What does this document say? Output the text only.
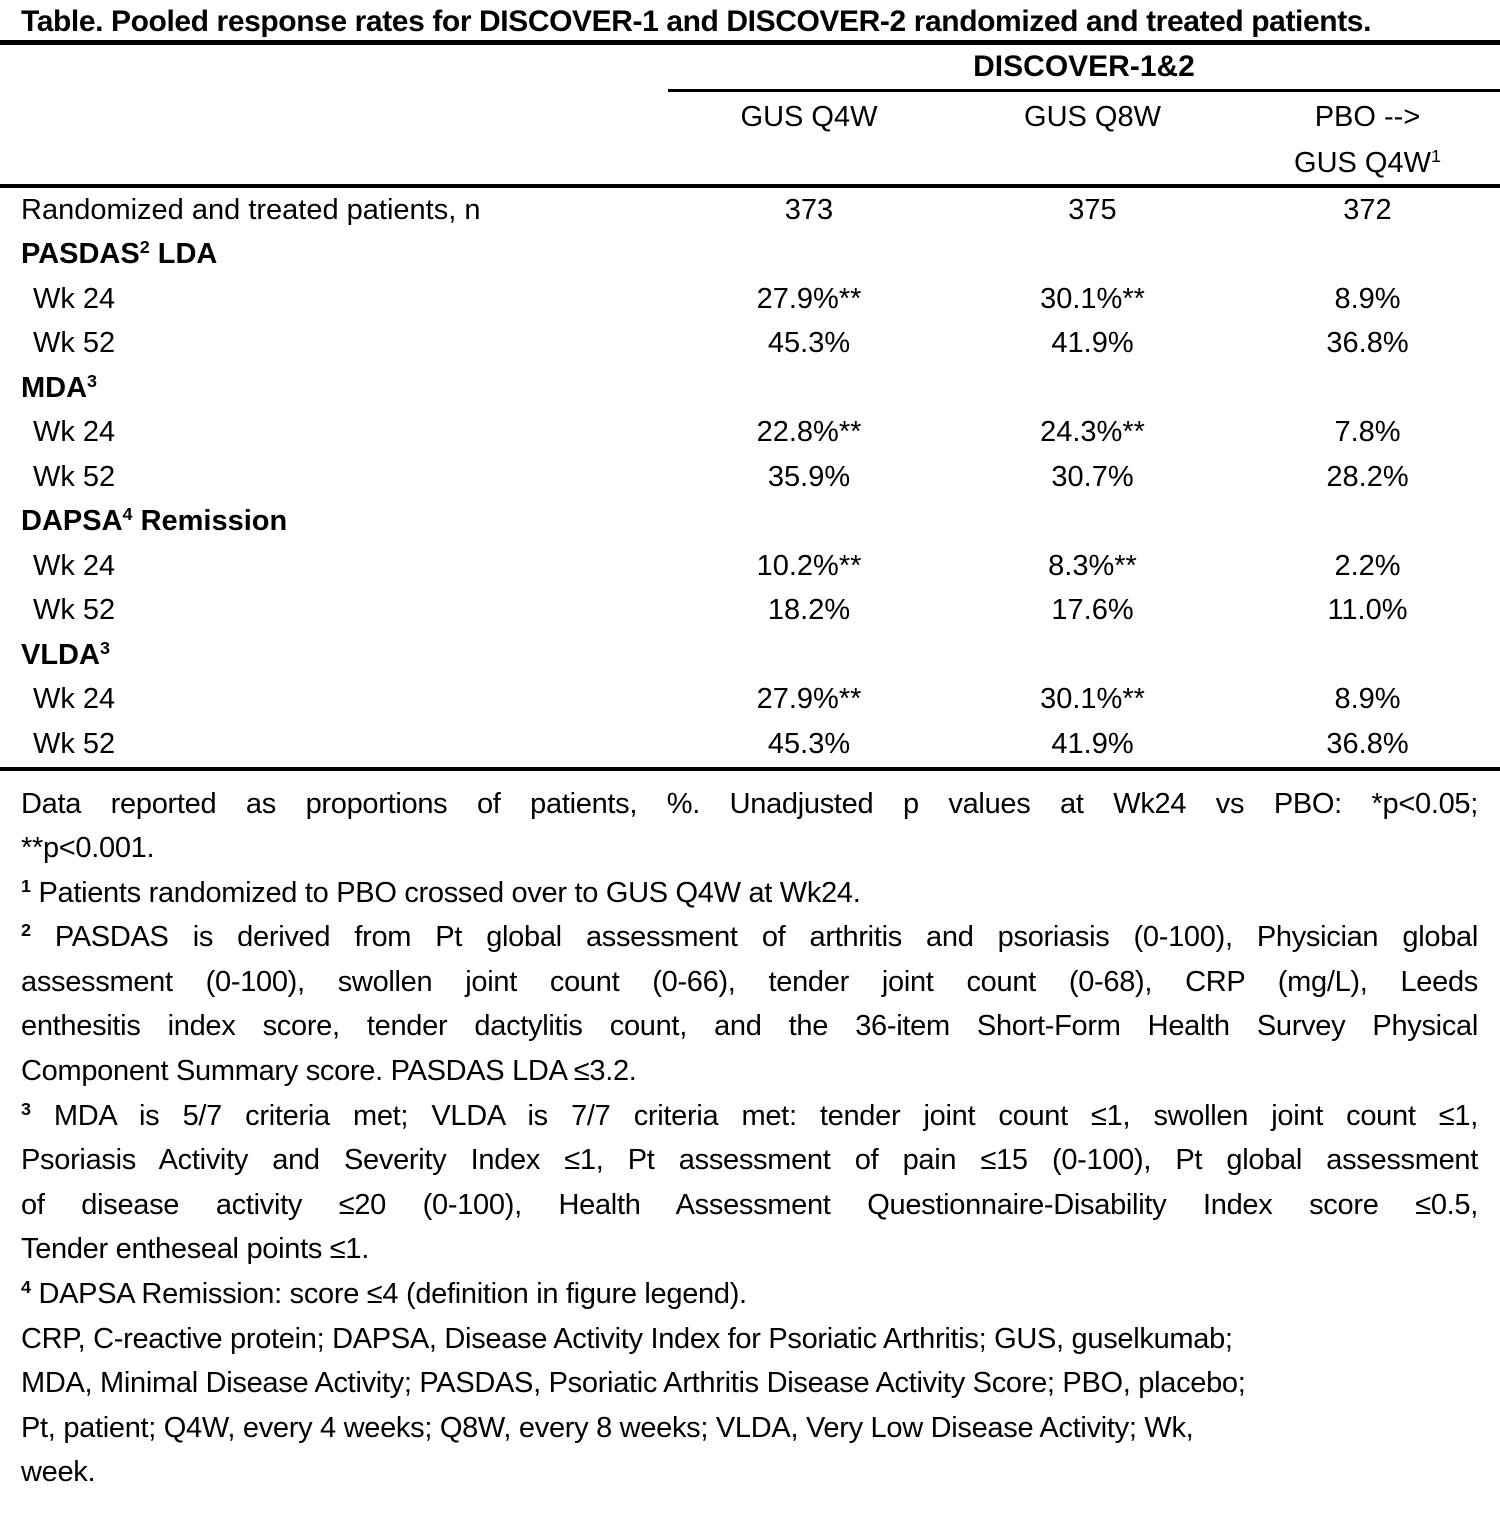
Table. Pooled response rates for DISCOVER-1 and DISCOVER-2 randomized and treated patients.
	DISCOVER-1&2		

	GUS Q4W	GUS Q8W	PBO -->
GUS $Q4W^1$

Randomized and treated patients, n	373	375	372
PASDAS$^2$ LDA			
Wk 24	27.9%**	30.1%**	8.9%
Wk 52	45.3%	41.9%	36.8%
MDA$^3$			
Wk 24	22.8%**	24.3%**	7.8%
Wk 52	35.9%	30.7%	28.2%
DAPSA$^4$ Remission			
Wk 24	10.2%**	8.3%**	2.2%
Wk 52	18.2%	17.6%	11.0%
VLDA$^3$			
Wk 24	27.9%**	30.1%**	8.9%
Wk 52	45.3%	41.9%	36.8%
Data reported as proportions of patients, %. Unadjusted p values at Wk24 vs PBO: *p<0.05;
**p<0.001.
$^1$ Patients randomized to PBO crossed over to GUS Q4W at Wk24.
$^2$ PASDAS is derived from Pt global assessment of arthritis and psoriasis (0-100), Physician global
assessment (0-100), swollen joint count (0-66), tender joint count (0-68), CRP (mg/L), Leeds
enthesitis index score, tender dactylitis count, and the 36-item Short-Form Health Survey Physical
Component Summary score. PASDAS LDA ≤3.2.
$^3$ MDA is 5/7 criteria met; VLDA is 7/7 criteria met: tender joint count ≤1, swollen joint count ≤1,
Psoriasis Activity and Severity Index ≤1, Pt assessment of pain ≤15 (0-100), Pt global assessment
of disease activity ≤20 (0-100), Health Assessment Questionnaire-Disability Index score ≤0.5,
Tender entheseal points ≤1.
$^4$ DAPSA Remission: score ≤4 (definition in figure legend).
CRP, C-reactive protein; DAPSA, Disease Activity Index for Psoriatic Arthritis; GUS, guselkumab;
MDA, Minimal Disease Activity; PASDAS, Psoriatic Arthritis Disease Activity Score; PBO, placebo;
Pt, patient; Q4W, every 4 weeks; Q8W, every 8 weeks; VLDA, Very Low Disease Activity; Wk,
week.
